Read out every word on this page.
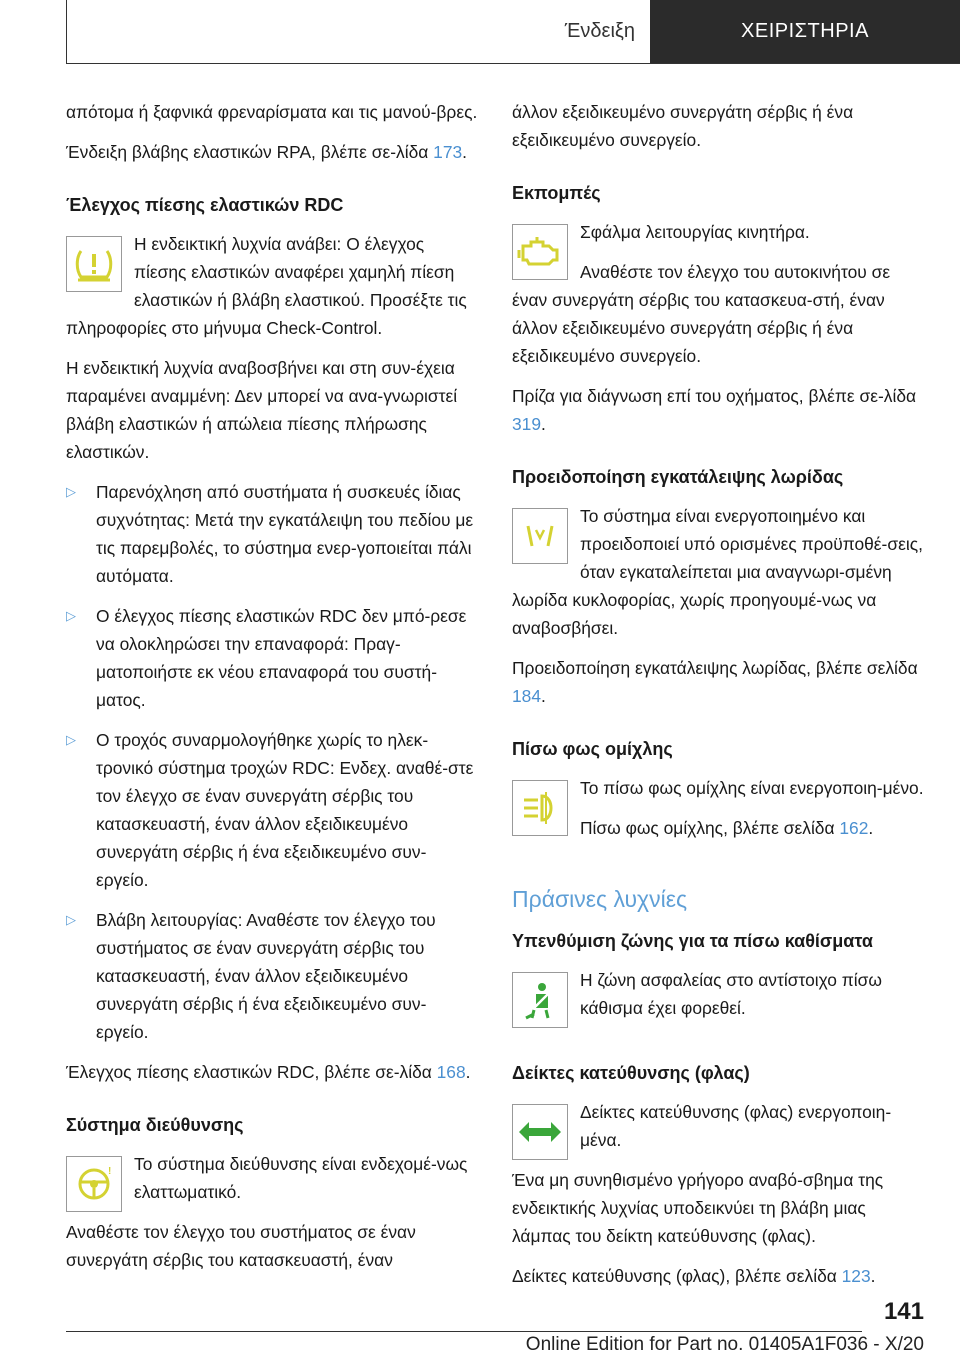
Ένδειξη	ΧΕΙΡΙΣΤΗΡΙΑ

απότομα ή ξαφνικά φρεναρίσματα και τις μανού-βρες.

Ένδειξη βλάβης ελαστικών RPA, βλέπε σε-λίδα 173.

Έλεγχος πίεσης ελαστικών RDC

Η ενδεικτική λυχνία ανάβει: Ο έλεγχος πίεσης ελαστικών αναφέρει χαμηλή πίεση ελαστικών ή βλάβη ελαστικού. Προσέξτε τις πληροφορίες στο μήνυμα Check-Control.

Η ενδεικτική λυχνία αναβοσβήνει και στη συν-έχεια παραμένει αναμμένη: Δεν μπορεί να ανα-γνωριστεί βλάβη ελαστικών ή απώλεια πίεσης πλήρωσης ελαστικών.

▷	Παρενόχληση από συστήματα ή συσκευές ίδιας συχνότητας: Μετά την εγκατάλειψη του πεδίου με τις παρεμβολές, το σύστημα ενερ-γοποιείται πάλι αυτόματα.
▷	Ο έλεγχος πίεσης ελαστικών RDC δεν μπό-ρεσε να ολοκληρώσει την επαναφορά: Πραγ-ματοποιήστε εκ νέου επαναφορά του συστή-ματος.
▷	Ο τροχός συναρμολογήθηκε χωρίς το ηλεκ-τρονικό σύστημα τροχών RDC: Ενδεχ. αναθέ-στε τον έλεγχο σε έναν συνεργάτη σέρβις του κατασκευαστή, έναν άλλον εξειδικευμένο συνεργάτη σέρβις ή ένα εξειδικευμένο συν-εργείο.
▷	Βλάβη λειτουργίας: Αναθέστε τον έλεγχο του συστήματος σε έναν συνεργάτη σέρβις του κατασκευαστή, έναν άλλον εξειδικευμένο συνεργάτη σέρβις ή ένα εξειδικευμένο συν-εργείο.

Έλεγχος πίεσης ελαστικών RDC, βλέπε σε-λίδα 168.

Σύστημα διεύθυνσης
!	Το σύστημα διεύθυνσης είναι ενδεχομέ-νως ελαττωματικό.

Αναθέστε τον έλεγχο του συστήματος σε έναν συνεργάτη σέρβις του κατασκευαστή, έναν

άλλον εξειδικευμένο συνεργάτη σέρβις ή ένα εξειδικευμένο συνεργείο.

Εκπομπές

Σφάλμα λειτουργίας κινητήρα.

Αναθέστε τον έλεγχο του αυτοκινήτου σε έναν συνεργάτη σέρβις του κατασκευα-στή, έναν άλλον εξειδικευμένο συνεργάτη σέρβις ή ένα εξειδικευμένο συνεργείο.

Πρίζα για διάγνωση επί του οχήματος, βλέπε σε-λίδα 319.

Προειδοποίηση εγκατάλειψης λωρίδας

Το σύστημα είναι ενεργοποιημένο και προειδοποιεί υπό ορισμένες προϋποθέ-σεις, όταν εγκαταλείπεται μια αναγνωρι-σμένη λωρίδα κυκλοφορίας, χωρίς προηγουμέ-νως να αναβοσβήσει.

Προειδοποίηση εγκατάλειψης λωρίδας, βλέπε σελίδα 184.

Πίσω φως ομίχλης

Το πίσω φως ομίχλης είναι ενεργοποιη-μένο.

Πίσω φως ομίχλης, βλέπε σελίδα 162.

Πράσινες λυχνίες
Υπενθύμιση ζώνης για τα πίσω καθίσματα

Η ζώνη ασφαλείας στο αντίστοιχο πίσω κάθισμα έχει φορεθεί.

Δείκτες κατεύθυνσης (φλας)

Δείκτες κατεύθυνσης (φλας) ενεργοποιη-μένα.

Ένα μη συνηθισμένο γρήγορο αναβό-σβημα της ενδεικτικής λυχνίας υποδεικνύει τη βλάβη μιας λάμπας του δείκτη κατεύθυνσης (φλας).

Δείκτες κατεύθυνσης (φλας), βλέπε σελίδα 123.

141
Online Edition for Part no. 01405A1F036 - X/20
